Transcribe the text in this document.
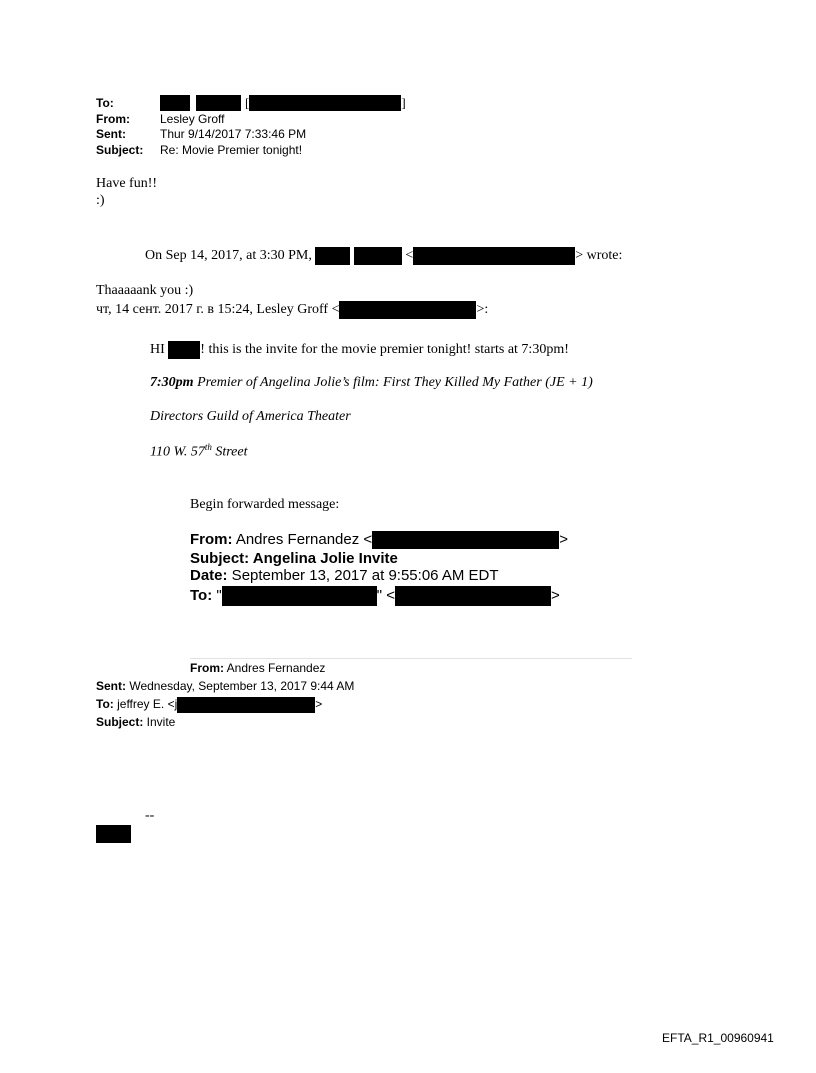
To:	[	]
From:	Lesley Groff
Sent:	Thur 9/14/2017 7:33:46 PM
Subject: Re: Movie Premier tonight!
Have fun!!
:)
On Sep 14, 2017, at 3:30 PM,	<	> wrote:
Thaaaaank you :)
чт, 14 сент. 2017 г. в 15:24, Lesley Groff <	>:
HI	! this is the invite for the movie premier tonight! starts at 7:30pm!
7:30pm Premier of Angelina Jolie’s film: First They Killed My Father (JE + 1)
Directors Guild of America Theater
110 W. 57th Street
Begin forwarded message:
From: Andres Fernandez <	>
Subject: Angelina Jolie Invite
Date: September 13, 2017 at 9:55:06 AM EDT
To: "	" <	>
From: Andres Fernandez
Sent: Wednesday, September 13, 2017 9:44 AM
To: jeffrey E. <j	>
Subject: Invite
--
EFTA_R1_00960941
